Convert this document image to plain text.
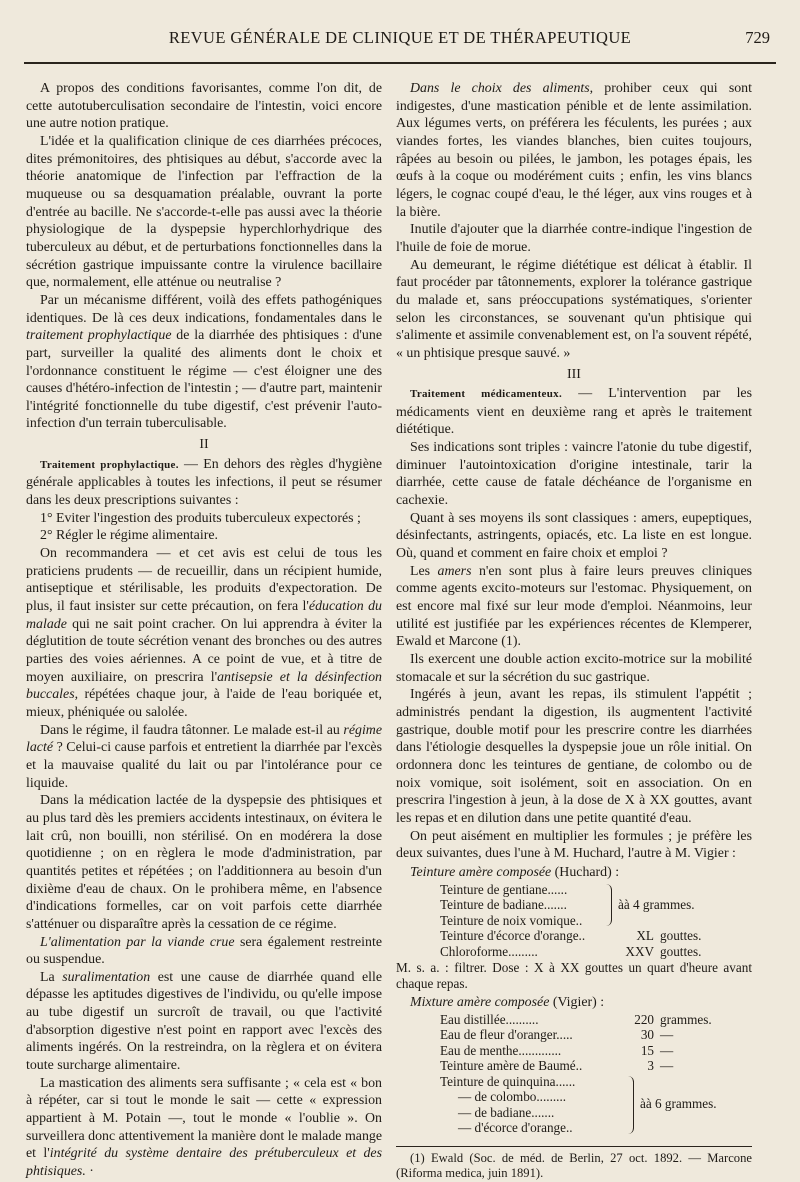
REVUE GÉNÉRALE DE CLINIQUE ET DE THÉRAPEUTIQUE	729

A propos des conditions favorisantes, comme l'on dit, de cette autotuberculisation secondaire de l'intestin, voici encore une autre notion pratique.

L'idée et la qualification clinique de ces diarrhées précoces, dites prémonitoires, des phtisiques au début, s'accorde avec la théorie anatomique de l'infection par l'effraction de la muqueuse ou sa desquamation préalable, ouvrant la porte d'entrée au bacille. Ne s'accorde-t-elle pas aussi avec la théorie physiologique de la dyspepsie hyperchlorhydrique des tuberculeux au début, et de perturbations fonctionnelles dans la sécrétion gastrique impuissante contre la virulence bacillaire que, normalement, elle atténue ou neutralise ?

Par un mécanisme différent, voilà des effets pathogéniques identiques. De là ces deux indications, fondamentales dans le traitement prophylactique de la diarrhée des phtisiques : d'une part, surveiller la qualité des aliments dont le choix et l'ordonnance constituent le régime — c'est éloigner une des causes d'hétéro-infection de l'intestin ; — d'autre part, maintenir l'intégrité fonctionnelle du tube digestif, c'est prévenir l'auto-infection d'un terrain tuberculisable.

II

Traitement prophylactique. — En dehors des règles d'hygiène générale applicables à toutes les infections, il peut se résumer dans les deux prescriptions suivantes :

1° Eviter l'ingestion des produits tuberculeux expectorés ;

2° Régler le régime alimentaire.

On recommandera — et cet avis est celui de tous les praticiens prudents — de recueillir, dans un récipient humide, antiseptique et stérilisable, les produits d'expectoration. De plus, il faut insister sur cette précaution, on fera l'éducation du malade qui ne sait point cracher. On lui apprendra à éviter la déglutition de toute sécrétion venant des bronches ou des autres parties des voies aériennes. A ce point de vue, et à titre de moyen auxiliaire, on prescrira l'antisepsie et la désinfection buccales, répétées chaque jour, à l'aide de l'eau boriquée et, mieux, phéniquée ou salolée.

Dans le régime, il faudra tâtonner. Le malade est-il au régime lacté ? Celui-ci cause parfois et entretient la diarrhée par l'excès et la mauvaise qualité du lait ou par l'intolérance pour ce liquide.

Dans la médication lactée de la dyspepsie des phtisiques et au plus tard dès les premiers accidents intestinaux, on évitera le lait crû, non bouilli, non stérilisé. On en modérera la dose quotidienne ; on en règlera le mode d'administration, par quantités petites et répétées ; on l'additionnera au besoin d'un dixième d'eau de chaux. On le prohibera même, en l'absence d'indications formelles, car on voit parfois cette diarrhée s'atténuer ou disparaître après la cessation de ce régime.

L'alimentation par la viande crue sera également restreinte ou suspendue.

La suralimentation est une cause de diarrhée quand elle dépasse les aptitudes digestives de l'individu, ou qu'elle impose au tube digestif un surcroît de travail, ou que l'activité d'absorption digestive n'est point en rapport avec l'excès des aliments ingérés. On la restreindra, on la règlera et on évitera toute surcharge alimentaire.

La mastication des aliments sera suffisante ; « cela est « bon à répéter, car si tout le monde le sait — cette « expression appartient à M. Potain —, tout le monde « l'oublie ». On surveillera donc attentivement la manière dont le malade mange et l'intégrité du système dentaire des prétuberculeux et des phtisiques. ·

Dans le choix des aliments, prohiber ceux qui sont indigestes, d'une mastication pénible et de lente assimilation. Aux légumes verts, on préférera les féculents, les purées ; aux viandes fortes, les viandes blanches, bien cuites toujours, râpées au besoin ou pilées, le jambon, les potages épais, les œufs à la coque ou modérément cuits ; enfin, les vins blancs légers, le cognac coupé d'eau, le thé léger, aux vins rouges et à la bière.

Inutile d'ajouter que la diarrhée contre-indique l'ingestion de l'huile de foie de morue.

Au demeurant, le régime diététique est délicat à établir. Il faut procéder par tâtonnements, explorer la tolérance gastrique du malade et, sans préoccupations systématiques, s'orienter selon les circonstances, se souvenant qu'un phtisique qui s'alimente et assimile convenablement est, on l'a souvent répété, « un phtisique presque sauvé. »

III

Traitement médicamenteux. — L'intervention par les médicaments vient en deuxième rang et après le traitement diététique.

Ses indications sont triples : vaincre l'atonie du tube digestif, diminuer l'autointoxication d'origine intestinale, tarir la diarrhée, cette cause de fatale déchéance de l'organisme en cachexie.

Quant à ses moyens ils sont classiques : amers, eupeptiques, désinfectants, astringents, opiacés, etc. La liste en est longue. Où, quand et comment en faire choix et emploi ?

Les amers n'en sont plus à faire leurs preuves cliniques comme agents excito-moteurs sur l'estomac. Physiquement, on est encore mal fixé sur leur mode d'emploi. Néanmoins, leur utilité est justifiée par les expériences récentes de Klemperer, Ewald et Marcone (1).

Ils exercent une double action excito-motrice sur la mobilité stomacale et sur la sécrétion du suc gastrique.

Ingérés à jeun, avant les repas, ils stimulent l'appétit ; administrés pendant la digestion, ils augmentent l'activité gastrique, double motif pour les prescrire contre les diarrhées dans l'étiologie desquelles la dyspepsie joue un rôle initial. On ordonnera donc les teintures de gentiane, de colombo ou de noix vomique, soit isolément, soit en association. On en prescrira l'ingestion à jeun, à la dose de X à XX gouttes, avant les repas et en dilution dans une petite quantité d'eau.

On peut aisément en multiplier les formules ; je préfère les deux suivantes, dues l'une à M. Huchard, l'autre à M. Vigier :

Teinture amère composée (Huchard) :

Teinture de gentiane......
Teinture de badiane.......
Teinture de noix vomique..
àà 4 grammes.
Teinture d'écorce d'orange..	XL gouttes.
Chloroforme.........	XXV gouttes.

M. s. a. : filtrer. Dose : X à XX gouttes un quart d'heure avant chaque repas.

Mixture amère composée (Vigier) :

Eau distillée..........	220 grammes.
Eau de fleur d'oranger.....	30 —
Eau de menthe.............	15 —
Teinture amère de Baumé..	3 —
Teinture de quinquina......
— de colombo.........
— de badiane.......
— d'écorce d'orange..
àà 6 grammes.

(1) Ewald (Soc. de méd. de Berlin, 27 oct. 1892. — Marcone (Riforma medica, juin 1891).
